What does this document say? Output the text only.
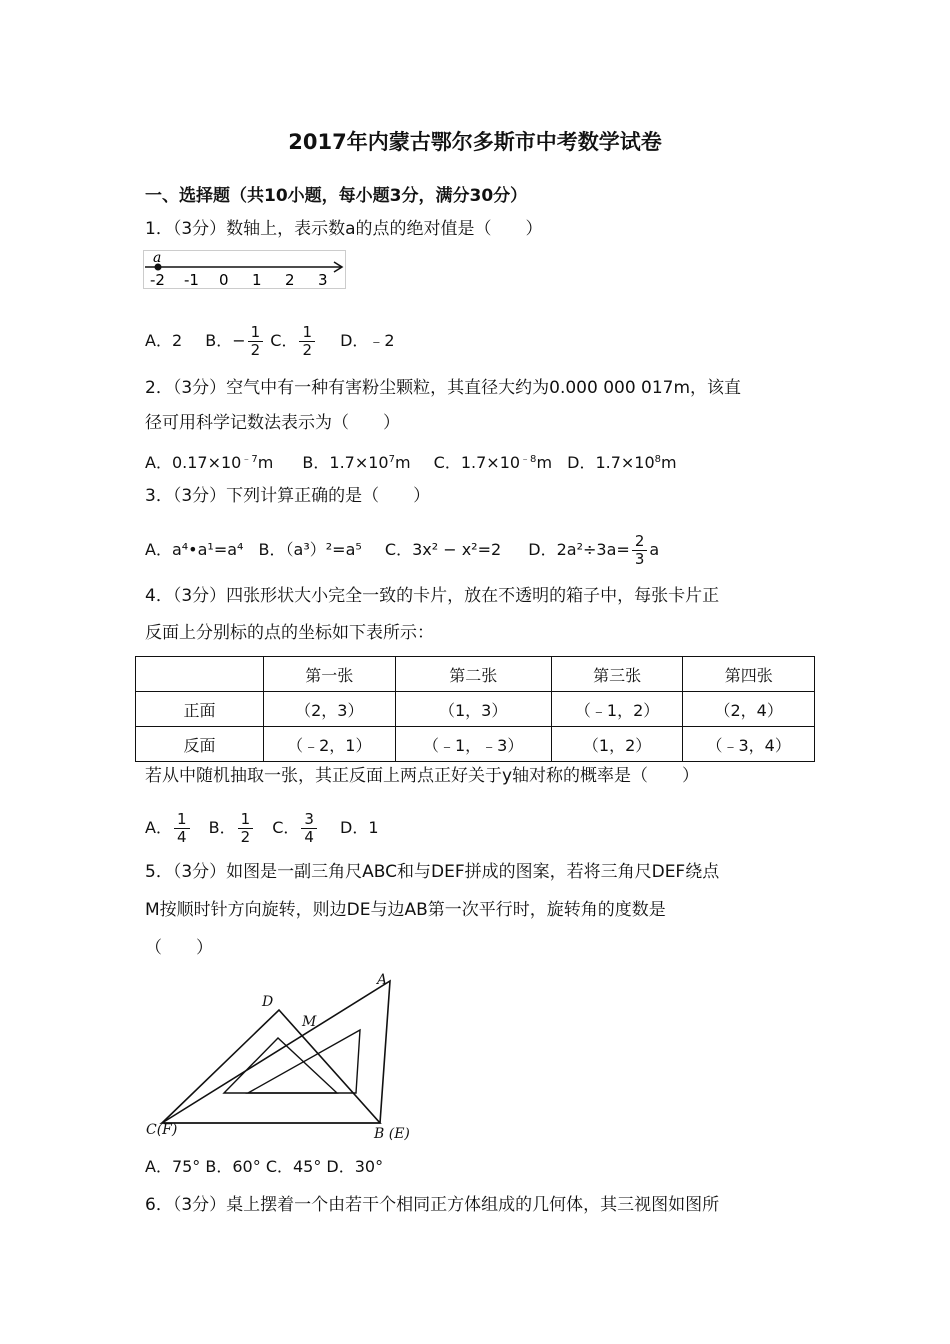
2017年内蒙古鄂尔多斯市中考数学试卷
一、选择题（共10小题，每小题3分，满分30分）
1．（3分）数轴上，表示数a的点的绝对值是（　　）
a
-2 -1 0 1 2 3
A．2 B．− $\frac{1}{2}$ C． $\frac{1}{2}$ D．﹣2
2．（3分）空气中有一种有害粉尘颗粒，其直径大约为0.000 000 017m，该直
径可用科学记数法表示为（　　）
A．$0.17\times 10^{﹣7}m$ B．$1.7\times 10^7m$ C．$1.7\times 10^{﹣8}m$ D．$1.7\times 10^8m$
3．（3分）下列计算正确的是（　　）
A．a⁴•a¹=a⁴ B．（a³）²=a⁵ C．3x² − x²=2 D．$2a^2\div 3a= \frac{2}{3}$ a
4．（3分）四张形状大小完全一致的卡片，放在不透明的箱子中，每张卡片正
反面上分别标的点的坐标如下表所示：
	第一张	第二张	第三张	第四张
正面	（2，3）	（1，3）	（﹣1，2）	（2，4）
反面	（﹣2，1）	（﹣1，﹣3）	（1，2）	（﹣3，4）
若从中随机抽取一张，其正反面上两点正好关于y轴对称的概率是（　　）
A． $\frac{1}{4}$ B． $\frac{1}{2}$ C． $\frac{3}{4}$ D．1
5．（3分）如图是一副三角尺ABC和与DEF拼成的图案，若将三角尺DEF绕点
M按顺时针方向旋转，则边DE与边AB第一次平行时，旋转角的度数是
（　　）
A
D
M
C(F)	B (E)
A．75° B．60° C．45° D．30°
6．（3分）桌上摆着一个由若干个相同正方体组成的几何体，其三视图如图所
